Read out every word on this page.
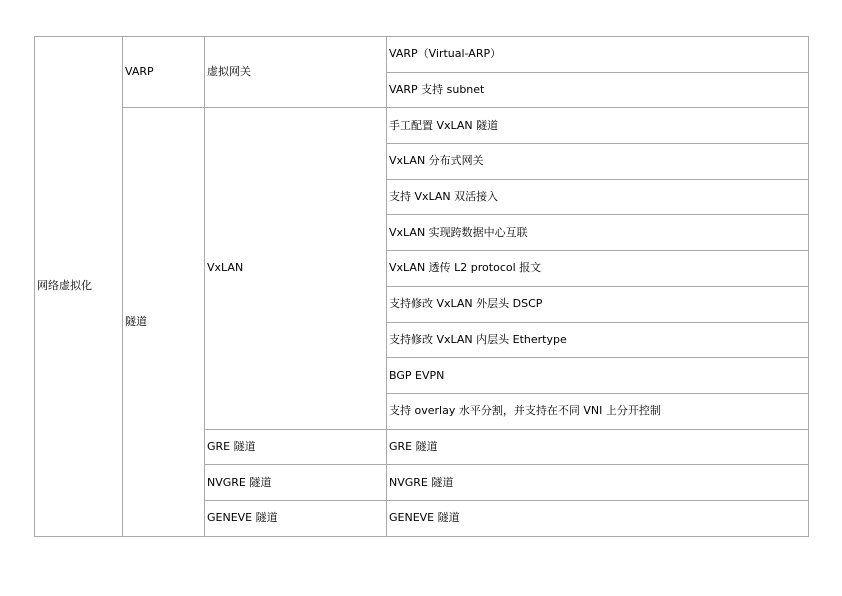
网络虚拟化	VARP	虚拟网关	VARP（Virtual-ARP）
			VARP 支持 subnet
	隧道	VxLAN	手工配置 VxLAN 隧道
			VxLAN 分布式网关
			支持 VxLAN 双活接入
			VxLAN 实现跨数据中心互联
			VxLAN 透传 L2 protocol 报文
			支持修改 VxLAN 外层头 DSCP
			支持修改 VxLAN 内层头 Ethertype
			BGP EVPN
			支持 overlay 水平分割，并支持在不同 VNI 上分开控制
		GRE 隧道	GRE 隧道
		NVGRE 隧道	NVGRE 隧道
		GENEVE 隧道	GENEVE 隧道
